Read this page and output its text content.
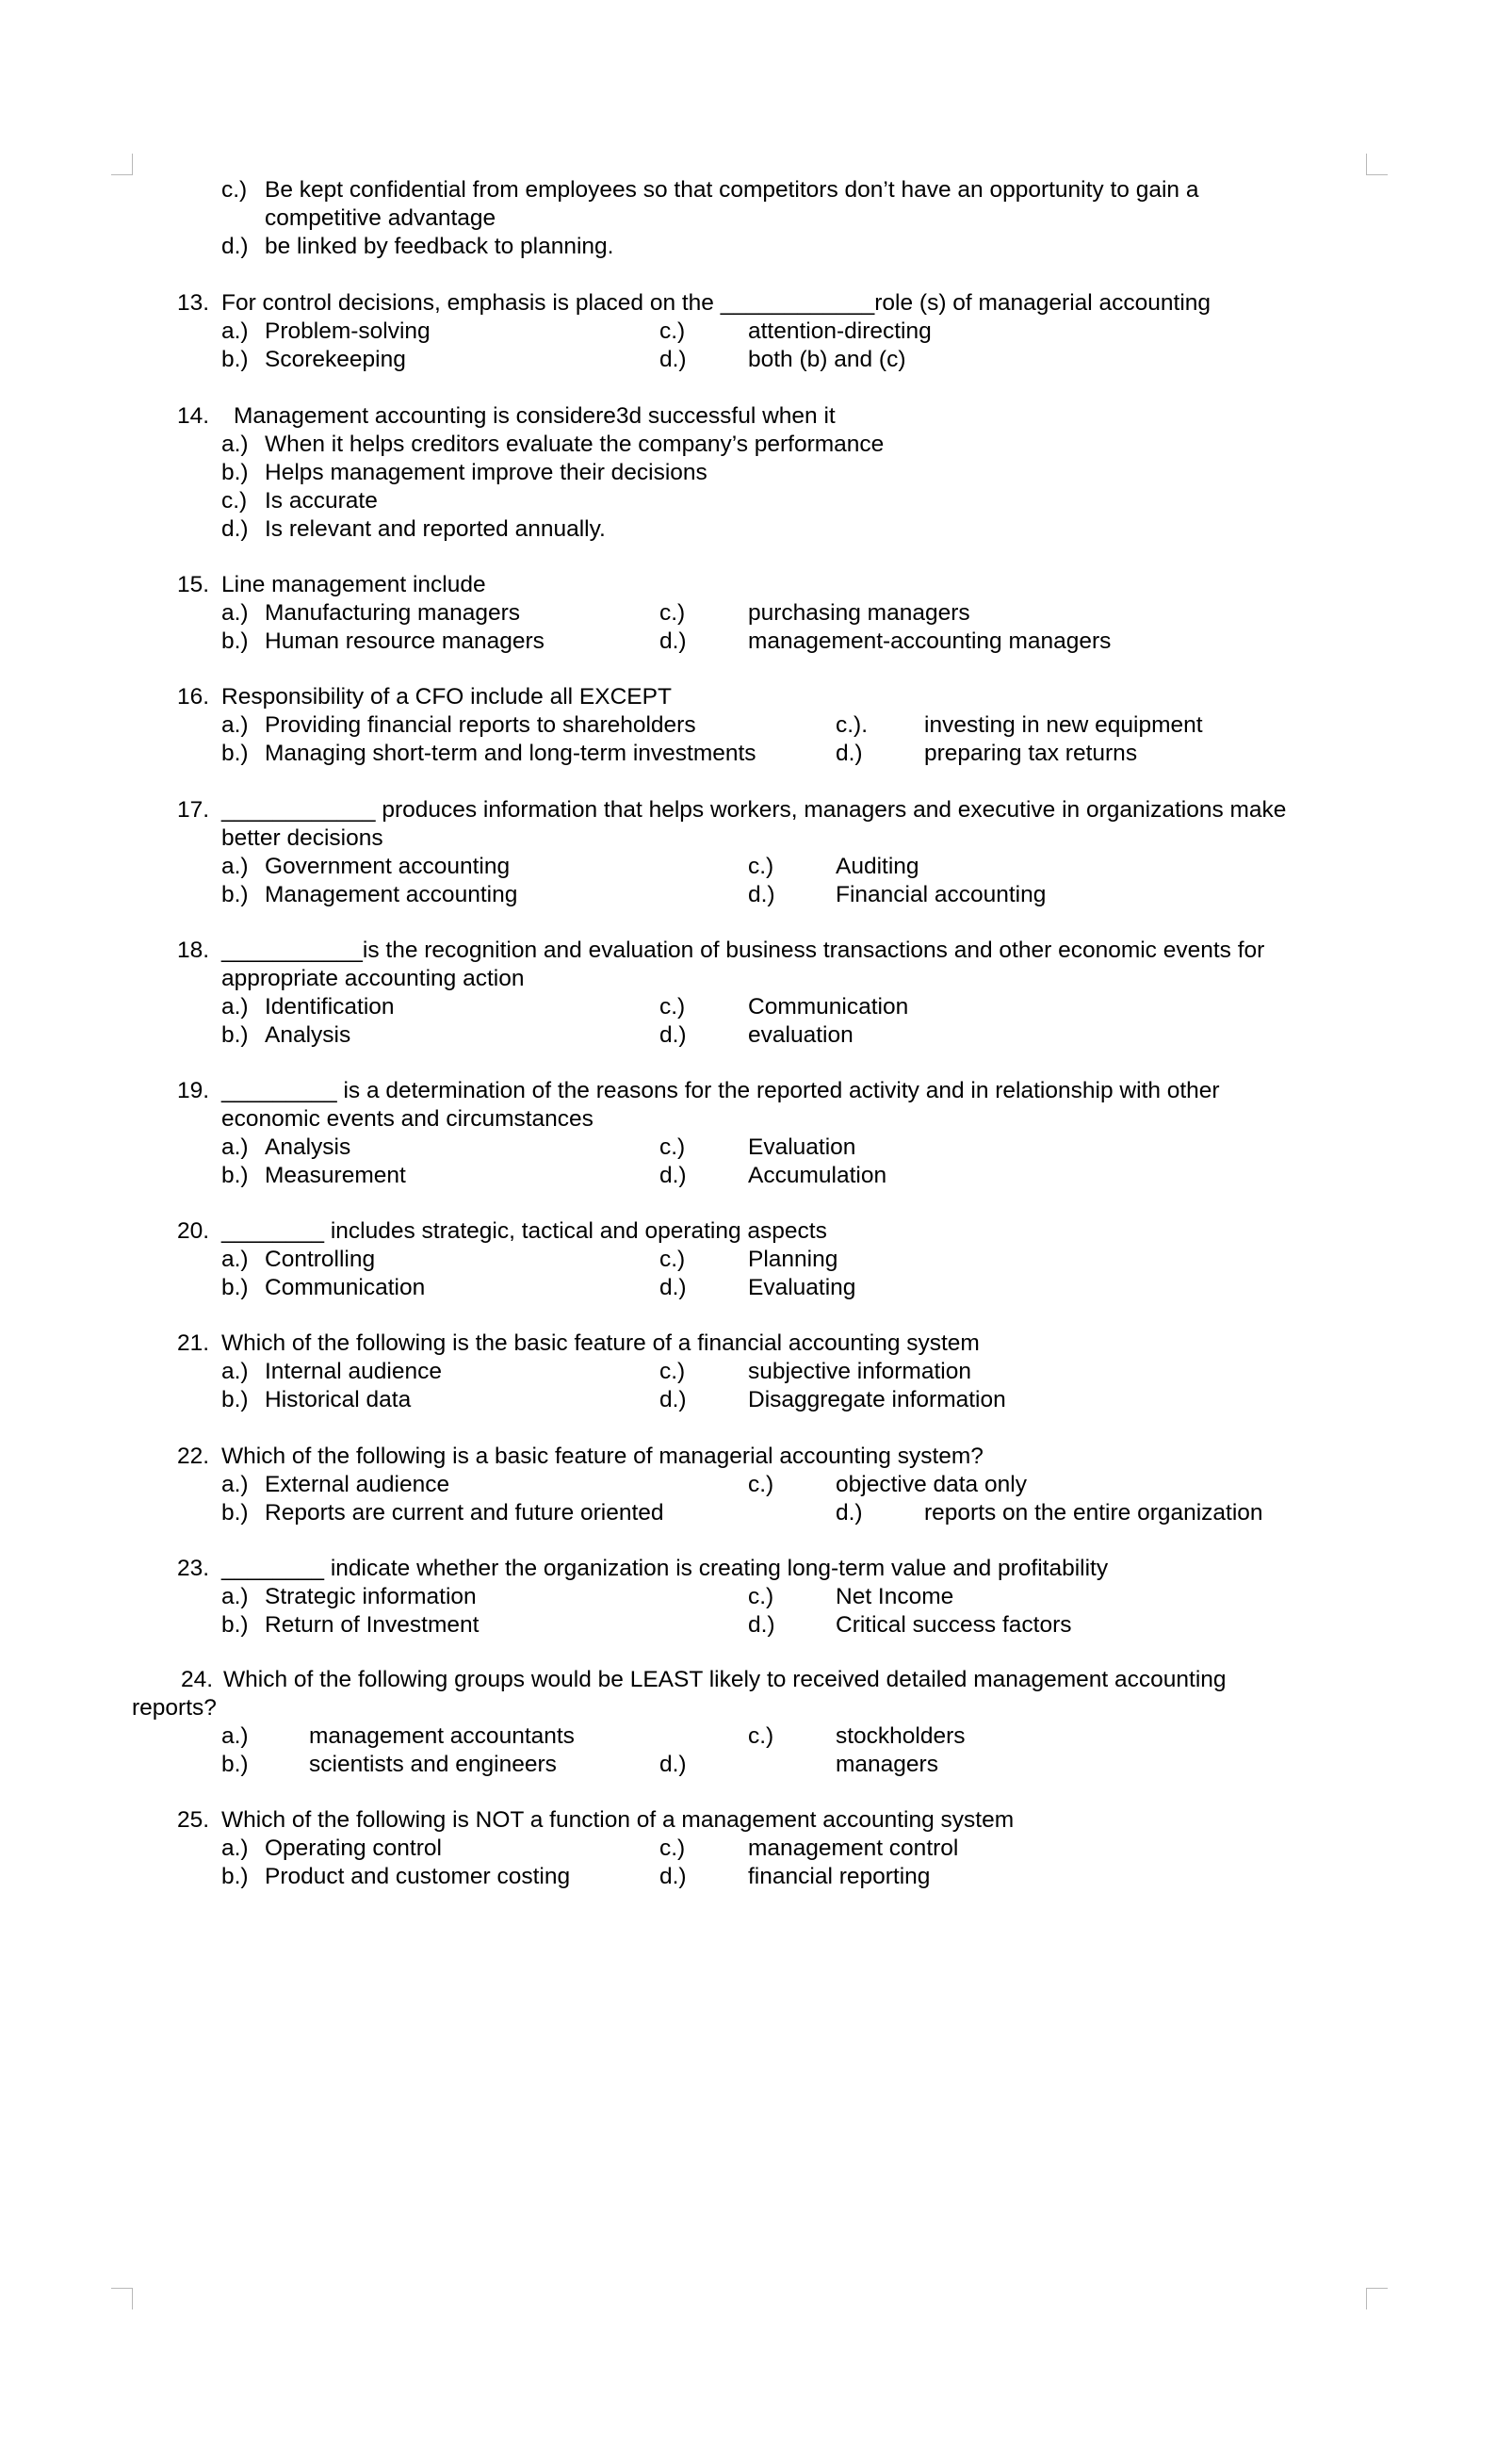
c.) Be kept confidential from employees so that competitors don’t have an opportunity to gain a
competitive advantage
d.) be linked by feedback to planning.
13. For control decisions, emphasis is placed on the ____________role (s) of managerial accounting
a.) Problem-solving
b.) Scorekeeping
c.)	attention-directing
d.)	both (b) and (c)
14. Management accounting is considere3d successful when it
a.) When it helps creditors evaluate the company’s performance
b.) Helps management improve their decisions
c.) Is accurate
d.) Is relevant and reported annually.
15. Line management include
a.) Manufacturing managers
b.) Human resource managers
c.)	purchasing managers
d.)	management-accounting managers
16. Responsibility of a CFO include all EXCEPT
a.) Providing financial reports to shareholders
b.) Managing short-term and long-term investments
c.). investing in new equipment
d.)	preparing tax returns
17. ____________ produces information that helps workers, managers and executive in organizations make
better decisions
a.) Government accounting
b.) Management accounting
c.)	Auditing
d.)	Financial accounting
18. ___________is the recognition and evaluation of business transactions and other economic events for
appropriate accounting action
a.) Identification
b.) Analysis
c.)	Communication
d.)	evaluation
19. _________ is a determination of the reasons for the reported activity and in relationship with other
economic events and circumstances
a.) Analysis
b.) Measurement
c.)	Evaluation
d.)	Accumulation
20. ________ includes strategic, tactical and operating aspects
a.) Controlling
b.) Communication
c.)	Planning
d.)	Evaluating
21. Which of the following is the basic feature of a financial accounting system
a.) Internal audience
b.) Historical data
c.)	subjective information
d.)	Disaggregate information
22. Which of the following is a basic feature of managerial accounting system?
a.) External audience
b.) Reports are current and future oriented
c.)	objective data only
d.)	reports on the entire organization
23. ________ indicate whether the organization is creating long-term value and profitability
a.) Strategic information
b.) Return of Investment
c.)	Net Income
d.)	Critical success factors
24. Which of the following groups would be LEAST likely to received detailed management accounting
reports?
a.)	management accountants
b.)	scientists and engineers
c.)	stockholders
d.)	managers
25. Which of the following is NOT a function of a management accounting system
a.) Operating control
b.) Product and customer costing
c.)	management control
d.)	financial reporting
